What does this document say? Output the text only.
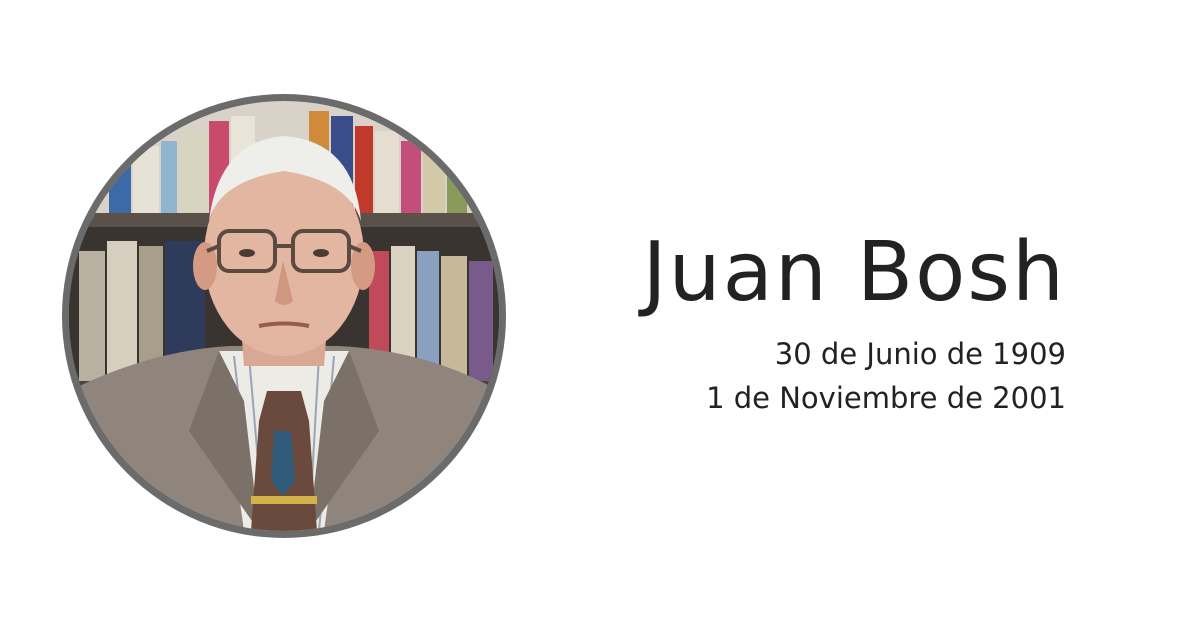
Juan Bosh
30 de Junio de 1909
1 de Noviembre de 2001
